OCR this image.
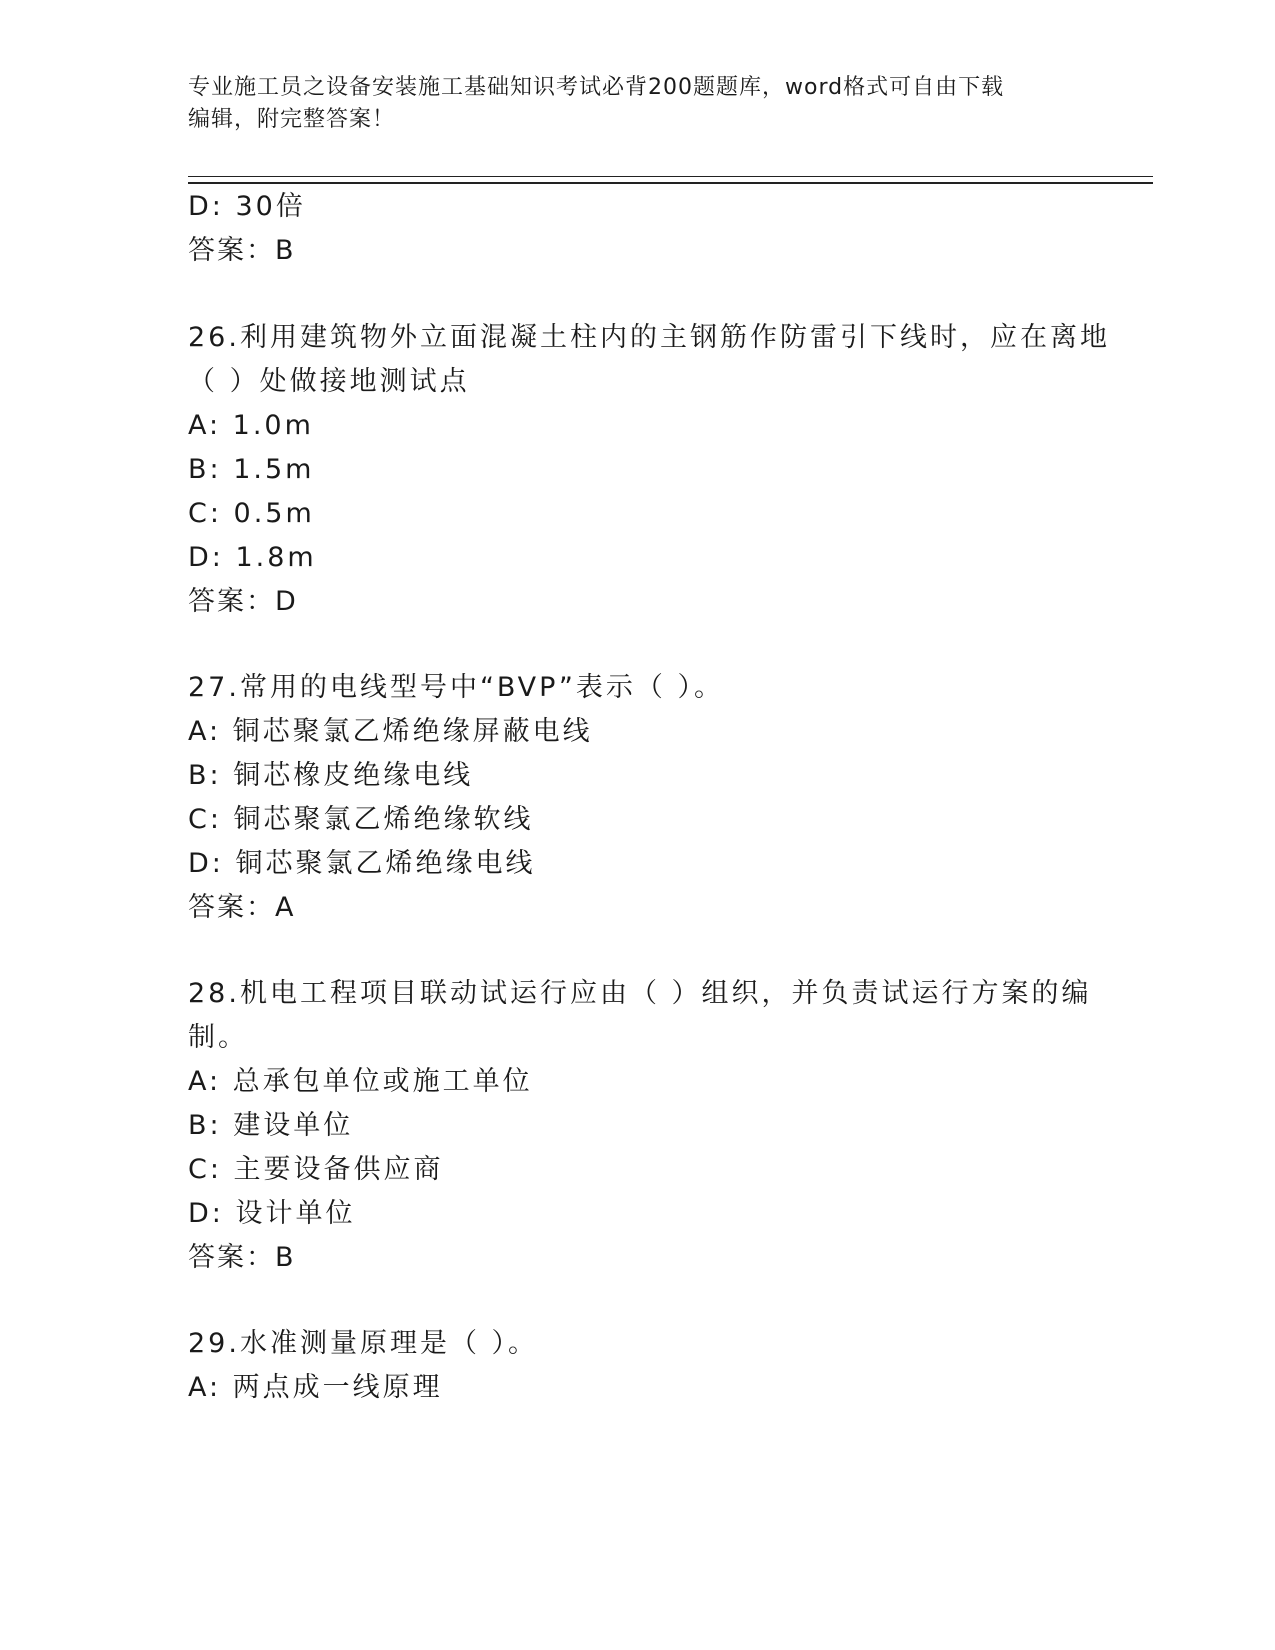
专业施工员之设备安装施工基础知识考试必背200题题库，word格式可自由下载
编辑，附完整答案！
D: 30倍
答案：B
26.利用建筑物外立面混凝土柱内的主钢筋作防雷引下线时，应在离地
（ ）处做接地测试点
A: 1.0m
B: 1.5m
C: 0.5m
D: 1.8m
答案：D
27.常用的电线型号中“BVP”表示（ ）。
A: 铜芯聚氯乙烯绝缘屏蔽电线
B: 铜芯橡皮绝缘电线
C: 铜芯聚氯乙烯绝缘软线
D: 铜芯聚氯乙烯绝缘电线
答案：A
28.机电工程项目联动试运行应由（ ）组织，并负责试运行方案的编
制。
A: 总承包单位或施工单位
B: 建设单位
C: 主要设备供应商
D: 设计单位
答案：B
29.水准测量原理是（ ）。
A: 两点成一线原理
